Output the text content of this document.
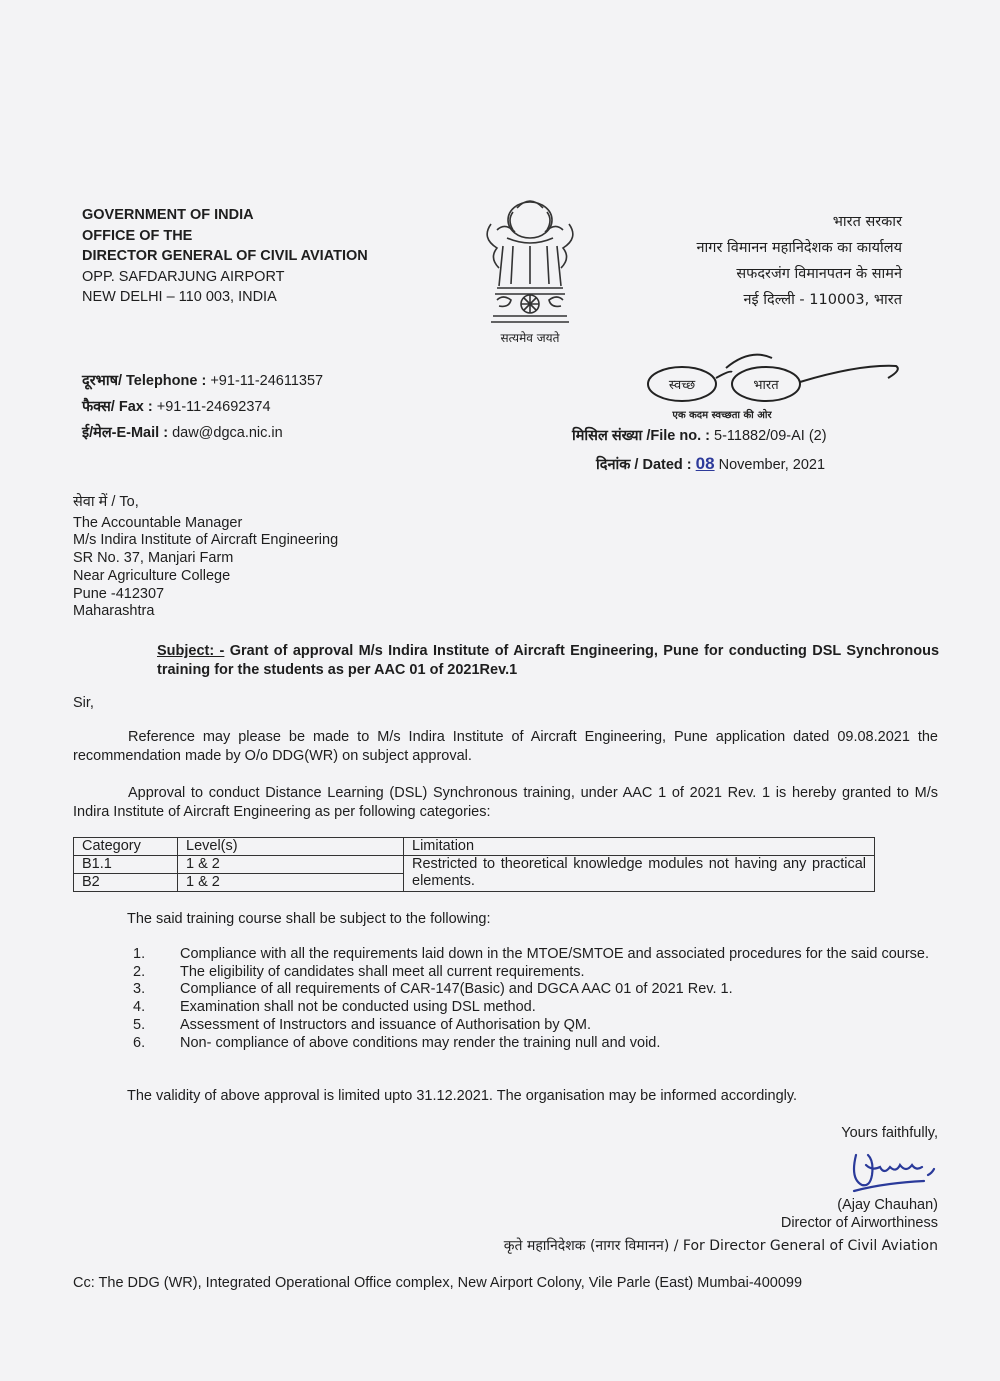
GOVERNMENT OF INDIA
OFFICE OF THE
DIRECTOR GENERAL OF CIVIL AVIATION
OPP. SAFDARJUNG AIRPORT
NEW DELHI – 110 003, INDIA
सत्यमेव जयते
भारत सरकार
नागर विमानन महानिदेशक का कार्यालय
सफदरजंग विमानपतन के सामने
नई दिल्ली - 110003, भारत
दूरभाष/ Telephone : +91-11-24611357
फैक्स/ Fax : +91-11-24692374
ई/मेल-E-Mail : daw@dgca.nic.in
स्वच्छ	भारत
एक कदम स्वच्छता की ओर
मिसिल संख्या /File no. : 5-11882/09-AI (2)
दिनांक / Dated : 08 November, 2021
सेवा में / To,
The Accountable Manager
M/s Indira Institute of Aircraft Engineering
SR No. 37, Manjari Farm
Near Agriculture College
Pune -412307
Maharashtra
Subject: - Grant of approval M/s Indira Institute of Aircraft Engineering, Pune for conducting DSL Synchronous training for the students as per AAC 01 of 2021Rev.1
Sir,
Reference may please be made to M/s Indira Institute of Aircraft Engineering, Pune application dated 09.08.2021 the recommendation made by O/o DDG(WR) on subject approval.
Approval to conduct Distance Learning (DSL) Synchronous training, under AAC 1 of 2021 Rev. 1 is hereby granted to M/s Indira Institute of Aircraft Engineering as per following categories:
Category	Level(s)	Limitation
B1.1	1 & 2	Restricted to theoretical knowledge modules not having any practical elements.
B2	1 & 2	
The said training course shall be subject to the following:
1.	Compliance with all the requirements laid down in the MTOE/SMTOE and associated procedures for the said course.
2.	The eligibility of candidates shall meet all current requirements.
3.	Compliance of all requirements of CAR-147(Basic) and DGCA AAC 01 of 2021 Rev. 1.
4.	Examination shall not be conducted using DSL method.
5.	Assessment of Instructors and issuance of Authorisation by QM.
6.	Non- compliance of above conditions may render the training null and void.
The validity of above approval is limited upto 31.12.2021. The organisation may be informed accordingly.
Yours faithfully,
(Ajay Chauhan)
Director of Airworthiness
कृते महानिदेशक (नागर विमानन) / For Director General of Civil Aviation
Cc: The DDG (WR), Integrated Operational Office complex, New Airport Colony, Vile Parle (East) Mumbai-400099
